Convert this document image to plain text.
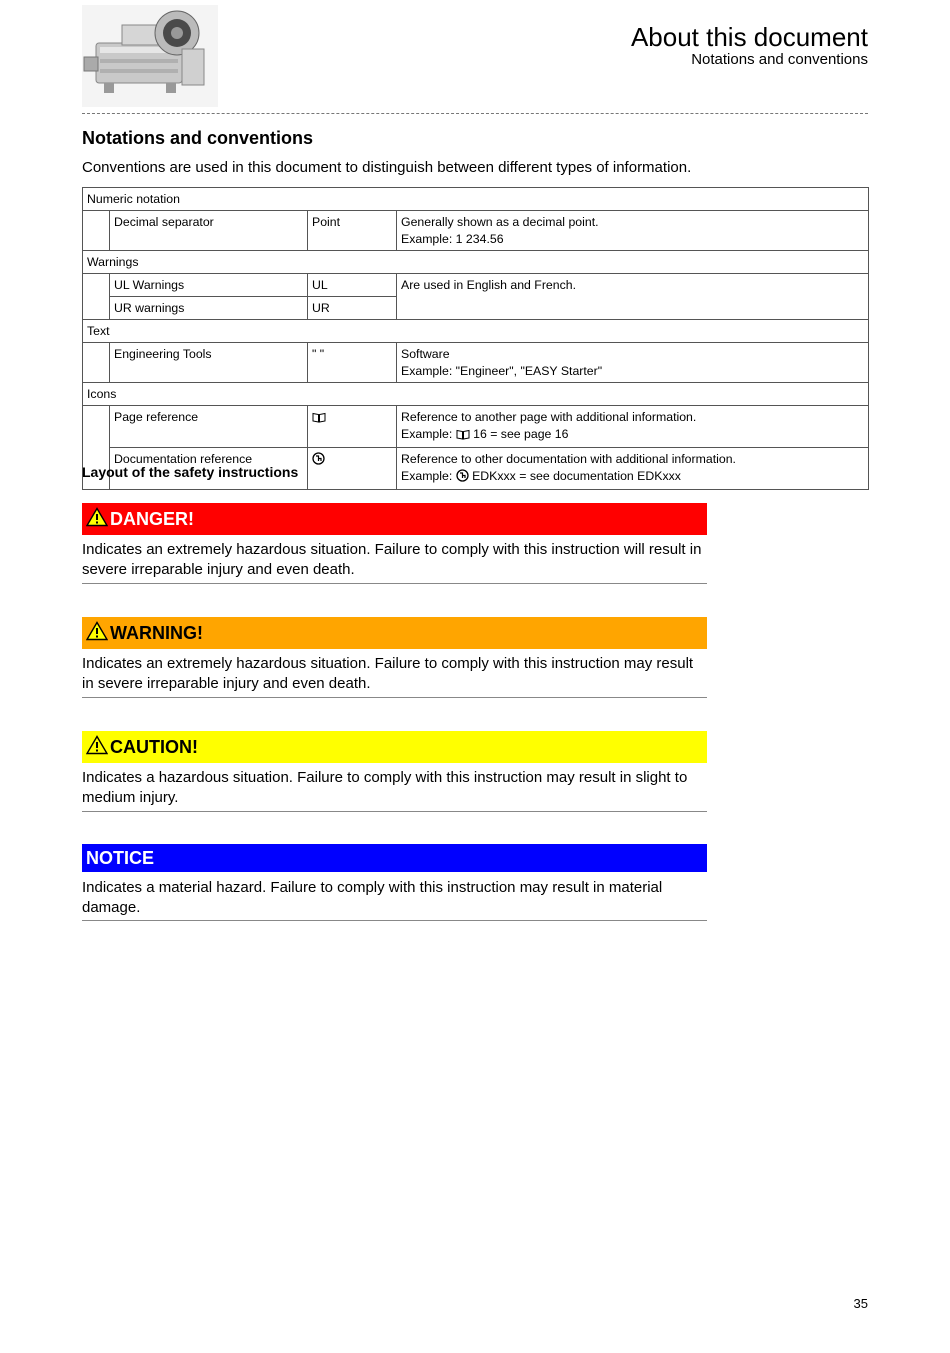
About this document
Notations and conventions
Notations and conventions
Conventions are used in this document to distinguish between different types of information.
Numeric notation			
	Decimal separator	Point	Generally shown as a decimal point.
Example: 1 234.56

Warnings			
	UL Warnings	UL	Are used in English and French.
	UR warnings	UR	
Text			
	Engineering Tools	" "	Software
Example: "Engineer", "EASY Starter"

Icons			
	Page reference		Reference to another page with additional information.
Example:  16 = see page 16

	Documentation reference		Reference to other documentation with additional information.
Example:  EDKxxx = see documentation EDKxxx
Layout of the safety instructions
DANGER!
Indicates an extremely hazardous situation. Failure to comply with this instruction will result in severe irreparable injury and even death.
WARNING!
Indicates an extremely hazardous situation. Failure to comply with this instruction may result in severe irreparable injury and even death.
CAUTION!
Indicates a hazardous situation. Failure to comply with this instruction may result in slight to medium injury.
NOTICE
Indicates a material hazard. Failure to comply with this instruction may result in material damage.
35
